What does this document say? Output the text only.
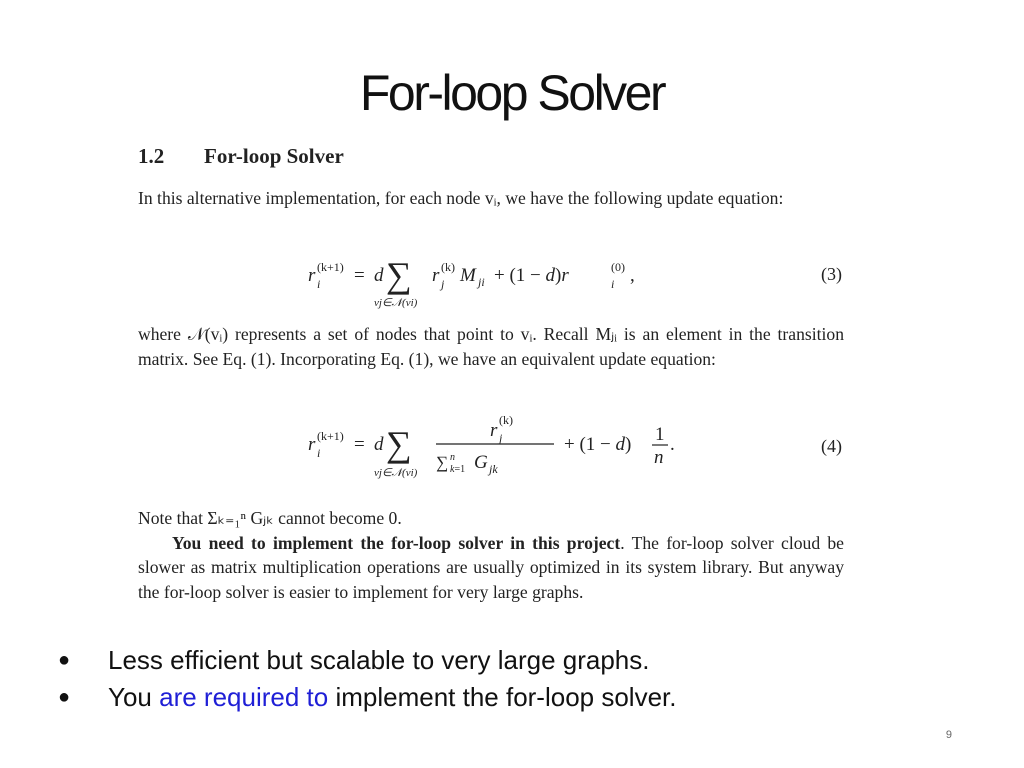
For-loop Solver
1.2 For-loop Solver

In this alternative implementation, for each node vᵢ, we have the following update equation:

r i
(k+1) = d ∑
vj∈𝒩(vi)
r j
(k) M ji + (1 − d)r	i
(0) ,	(3)

where 𝒩(vᵢ) represents a set of nodes that point to vᵢ. Recall Mⱼᵢ is an element in the transition matrix. See Eq. (1). Incorporating Eq. (1), we have an equivalent update equation:

r i
(k+1) = d ∑
vj∈𝒩(vi)
r j
(k)
∑ n
k=1 G jk
+ (1 − d) 1
n
.	(4)

Note that Σₖ₌₁ⁿ Gⱼₖ cannot become 0.

You need to implement the for-loop solver in this project. The for-loop solver cloud be slower as matrix multiplication operations are usually optimized in its system library. But anyway the for-loop solver is easier to implement for very large graphs.

●	Less efficient but scalable to very large graphs.
●	You are required to implement the for-loop solver.
9
